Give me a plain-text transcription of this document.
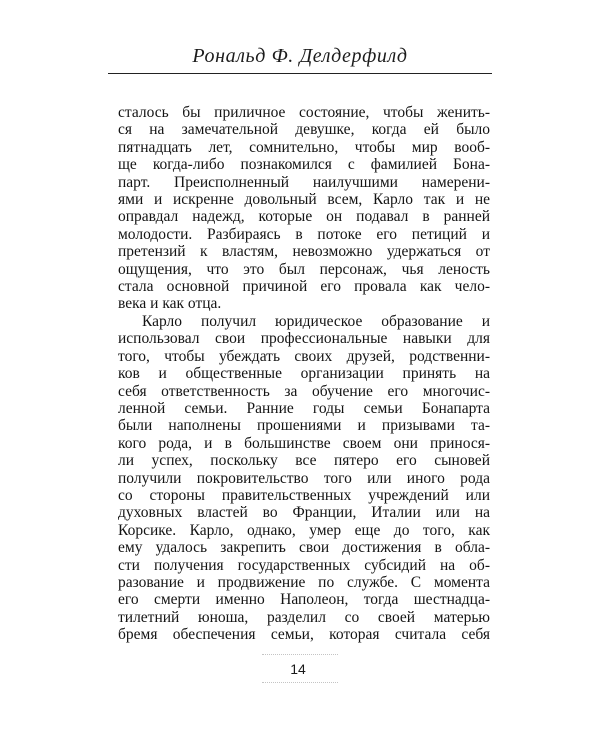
Рональд Ф. Делдерфилд
сталось бы приличное состояние, чтобы женить-
ся на замечательной девушке, когда ей было
пятнадцать лет, сомнительно, чтобы мир вооб-
ще когда-либо познакомился с фамилией Бона-
парт. Преисполненный наилучшими намерени-
ями и искренне довольный всем, Карло так и не
оправдал надежд, которые он подавал в ранней
молодости. Разбираясь в потоке его петиций и
претензий к властям, невозможно удержаться от
ощущения, что это был персонаж, чья леность
стала основной причиной его провала как чело-
века и как отца.
Карло получил юридическое образование и
использовал свои профессиональные навыки для
того, чтобы убеждать своих друзей, родственни-
ков и общественные организации принять на
себя ответственность за обучение его многочис-
ленной семьи. Ранние годы семьи Бонапарта
были наполнены прошениями и призывами та-
кого рода, и в большинстве своем они принося-
ли успех, поскольку все пятеро его сыновей
получили покровительство того или иного рода
со стороны правительственных учреждений или
духовных властей во Франции, Италии или на
Корсике. Карло, однако, умер еще до того, как
ему удалось закрепить свои достижения в обла-
сти получения государственных субсидий на об-
разование и продвижение по службе. С момента
его смерти именно Наполеон, тогда шестнадца-
тилетний юноша, разделил со своей матерью
бремя обеспечения семьи, которая считала себя
14
